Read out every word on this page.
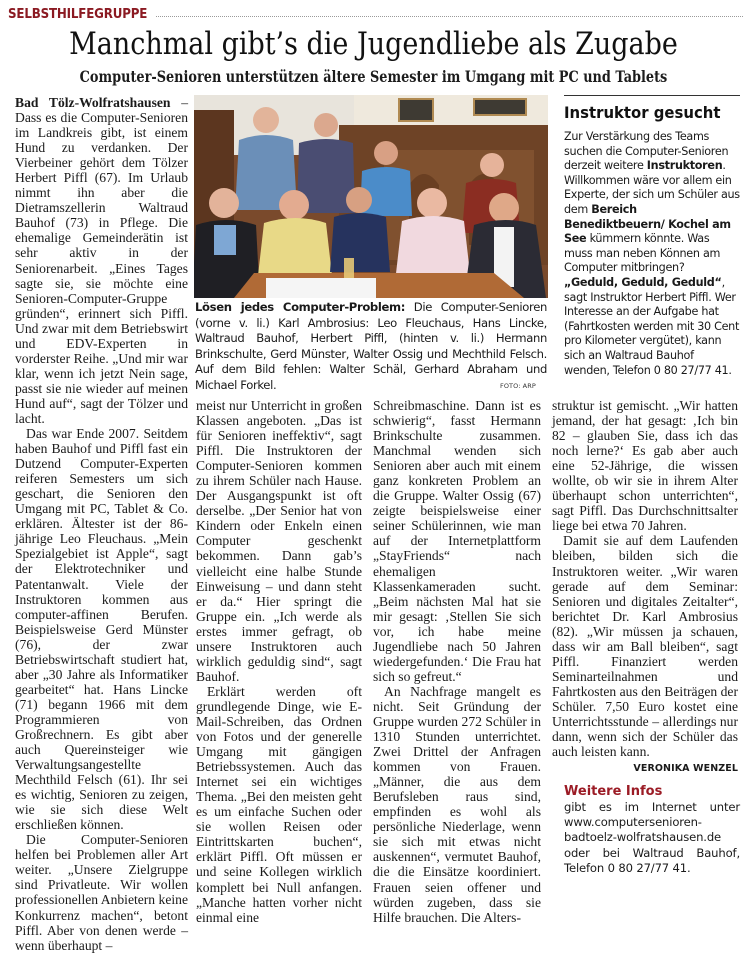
SELBSTHILFEGRUPPE
Manchmal gibt’s die Jugendliebe als Zugabe
Computer-Senioren unterstützen ältere Semester im Umgang mit PC und Tablets

Bad Tölz-Wolfratshausen – Dass es die Computer-Senioren im Landkreis gibt, ist einem Hund zu verdanken. Der Vierbeiner gehört dem Tölzer Herbert Piffl (67). Im Urlaub nimmt ihn aber die Dietramszellerin Waltraud Bauhof (73) in Pflege. Die ehemalige Gemeinderätin ist sehr aktiv in der Seniorenarbeit. „Eines Tages sagte sie, sie möchte eine Senioren-Computer-Gruppe gründen“, erinnert sich Piffl. Und zwar mit dem Betriebswirt und EDV-Experten in vorderster Reihe. „Und mir war klar, wenn ich jetzt Nein sage, passt sie nie wieder auf meinen Hund auf“, sagt der Tölzer und lacht.

Das war Ende 2007. Seitdem haben Bauhof und Piffl fast ein Dutzend Computer-Experten reiferen Semesters um sich geschart, die Senioren den Umgang mit PC, Tablet & Co. erklären. Ältester ist der 86-jährige Leo Fleuchaus. „Mein Spezialgebiet ist Apple“, sagt der Elektrotechniker und Patentanwalt. Viele der Instruktoren kommen aus computer-affinen Berufen. Beispielsweise Gerd Münster (76), der zwar Betriebswirtschaft studiert hat, aber „30 Jahre als Informatiker gearbeitet“ hat. Hans Lincke (71) begann 1966 mit dem Programmieren von Großrechnern. Es gibt aber auch Quereinsteiger wie Verwaltungsangestellte Mechthild Felsch (61). Ihr sei es wichtig, Senioren zu zeigen, wie sie sich diese Welt erschließen können.

Die Computer-Senioren helfen bei Problemen aller Art weiter. „Unsere Zielgruppe sind Privatleute. Wir wollen professionellen Anbietern keine Konkurrenz machen“, betont Piffl. Aber von denen werde – wenn überhaupt –

Lösen jedes Computer-Problem: Die Computer-Senioren (vorne v. li.) Karl Ambrosius: Leo Fleuchaus, Hans Lincke, Waltraud Bauhof, Herbert Piffl, (hinten v. li.) Hermann Brinkschulte, Gerd Münster, Walter Ossig und Mechthild Felsch. Auf dem Bild fehlen: Walter Schäl, Gerhard Abraham und Michael Forkel.	FOTO: ARP
Instruktor gesucht
Zur Verstärkung des Teams suchen die Computer-Senioren derzeit weitere Instruktoren. Willkommen wäre vor allem ein Experte, der sich um Schüler aus dem Bereich Benediktbeuern/ Kochel am See kümmern könnte. Was muss man neben Können am Computer mitbringen? „Geduld, Geduld, Geduld“, sagt Instruktor Herbert Piffl. Wer Interesse an der Aufgabe hat (Fahrtkosten werden mit 30 Cent pro Kilometer vergütet), kann sich an Waltraud Bauhof wenden, Telefon 0 80 27/77 41.

meist nur Unterricht in großen Klassen angeboten. „Das ist für Senioren ineffektiv“, sagt Piffl. Die Instruktoren der Computer-Senioren kommen zu ihrem Schüler nach Hause. Der Ausgangspunkt ist oft derselbe. „Der Senior hat von Kindern oder Enkeln einen Computer geschenkt bekommen. Dann gab’s vielleicht eine halbe Stunde Einweisung – und dann steht er da.“ Hier springt die Gruppe ein. „Ich werde als erstes immer gefragt, ob unsere Instruktoren auch wirklich geduldig sind“, sagt Bauhof.

Erklärt werden oft grundlegende Dinge, wie E-Mail-Schreiben, das Ordnen von Fotos und der generelle Umgang mit gängigen Betriebssystemen. Auch das Internet sei ein wichtiges Thema. „Bei den meisten geht es um einfache Suchen oder sie wollen Reisen oder Eintrittskarten buchen“, erklärt Piffl. Oft müssen er und seine Kollegen wirklich komplett bei Null anfangen. „Manche hatten vorher nicht einmal eine

Schreibmaschine. Dann ist es schwierig“, fasst Hermann Brinkschulte zusammen. Manchmal wenden sich Senioren aber auch mit einem ganz konkreten Problem an die Gruppe. Walter Ossig (67) zeigte beispielsweise einer seiner Schülerinnen, wie man auf der Internetplattform „StayFriends“ nach ehemaligen Klassenkameraden sucht. „Beim nächsten Mal hat sie mir gesagt: ‚Stellen Sie sich vor, ich habe meine Jugendliebe nach 50 Jahren wiedergefunden.‘ Die Frau hat sich so gefreut.“

An Nachfrage mangelt es nicht. Seit Gründung der Gruppe wurden 272 Schüler in 1310 Stunden unterrichtet. Zwei Drittel der Anfragen kommen von Frauen. „Männer, die aus dem Berufsleben raus sind, empfinden es wohl als persönliche Niederlage, wenn sie sich mit etwas nicht auskennen“, vermutet Bauhof, die die Einsätze koordiniert. Frauen seien offener und würden zugeben, dass sie Hilfe brauchen. Die Alters-

struktur ist gemischt. „Wir hatten jemand, der hat gesagt: ‚Ich bin 82 – glauben Sie, dass ich das noch lerne?‘ Es gab aber auch eine 52-Jährige, die wissen wollte, ob wir sie in ihrem Alter überhaupt schon unterrichten“, sagt Piffl. Das Durchschnittsalter liege bei etwa 70 Jahren.

Damit sie auf dem Laufenden bleiben, bilden sich die Instruktoren weiter. „Wir waren gerade auf dem Seminar: Senioren und digitales Zeitalter“, berichtet Dr. Karl Ambrosius (82). „Wir müssen ja schauen, dass wir am Ball bleiben“, sagt Piffl. Finanziert werden Seminarteilnahmen und Fahrtkosten aus den Beiträgen der Schüler. 7,50 Euro kostet eine Unterrichtsstunde – allerdings nur dann, wenn sich der Schüler das auch leisten kann.
VERONIKA WENZEL

Weitere Infos
gibt es im Internet unter www.computersenioren-badtoelz-wolfratshausen.de oder bei Waltraud Bauhof, Telefon 0 80 27/77 41.
